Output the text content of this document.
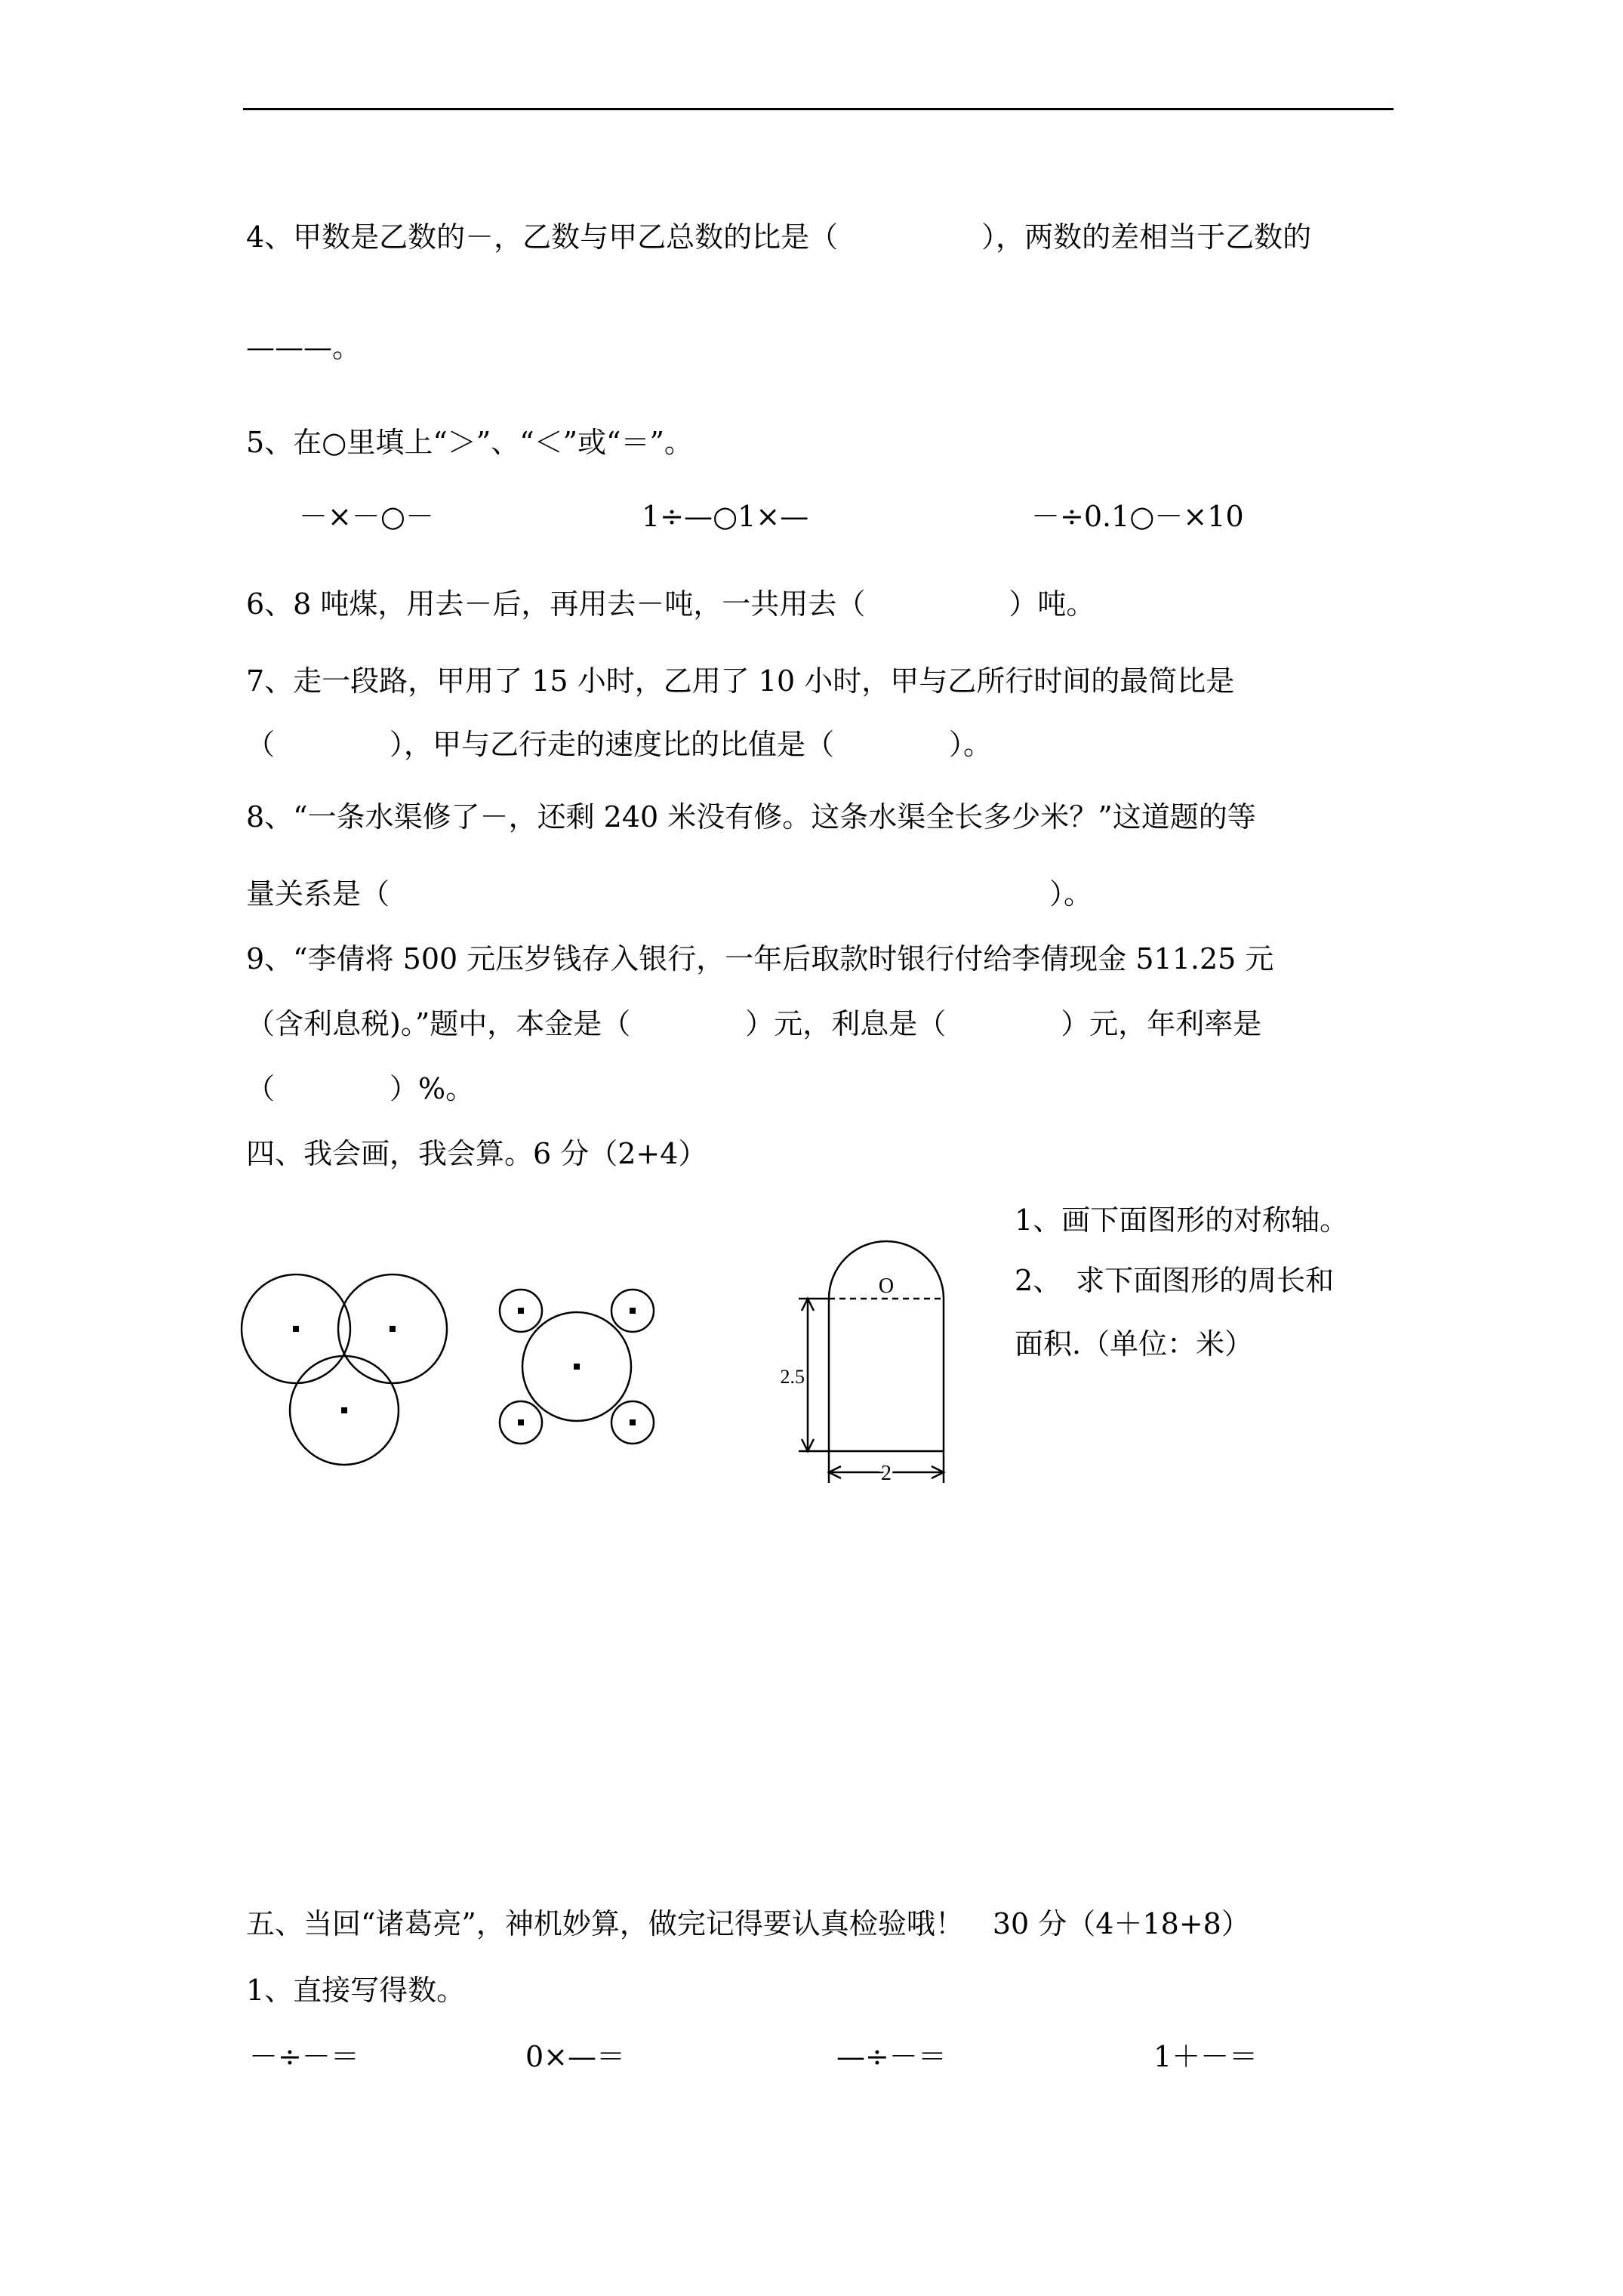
4、甲数是乙数的－，乙数与甲乙总数的比是（　　　　　），两数的差相当于乙数的
———。
5、在○里填上“＞”、“＜”或“＝”。
－×－○－	1÷—○1×—	－÷0.1○－×10
6、8 吨煤，用去－后，再用去－吨，一共用去（　　　　　）吨。
7、走一段路，甲用了 15 小时，乙用了 10 小时，甲与乙所行时间的最简比是
（　　　　），甲与乙行走的速度比的比值是（　　　　）。
8、“一条水渠修了－，还剩 240 米没有修。这条水渠全长多少米？”这道题的等
量关系是（　　　　　　　　　　　　　　　　　　　　　　　）。
9、“李倩将 500 元压岁钱存入银行，一年后取款时银行付给李倩现金 511.25 元
（含利息税)。”题中，本金是（　　　　）元，利息是（　　　　）元，年利率是
（　　　　）%。
四、我会画，我会算。6 分（2+4）
1、画下面图形的对称轴。
2、　求下面图形的周长和
面积.（单位：米）
O
2.5
2
五、当回“诸葛亮”，神机妙算，做完记得要认真检验哦！　30 分（4＋18+8）
1、直接写得数。
－÷－＝	0×—＝	—÷－＝	1＋－＝
